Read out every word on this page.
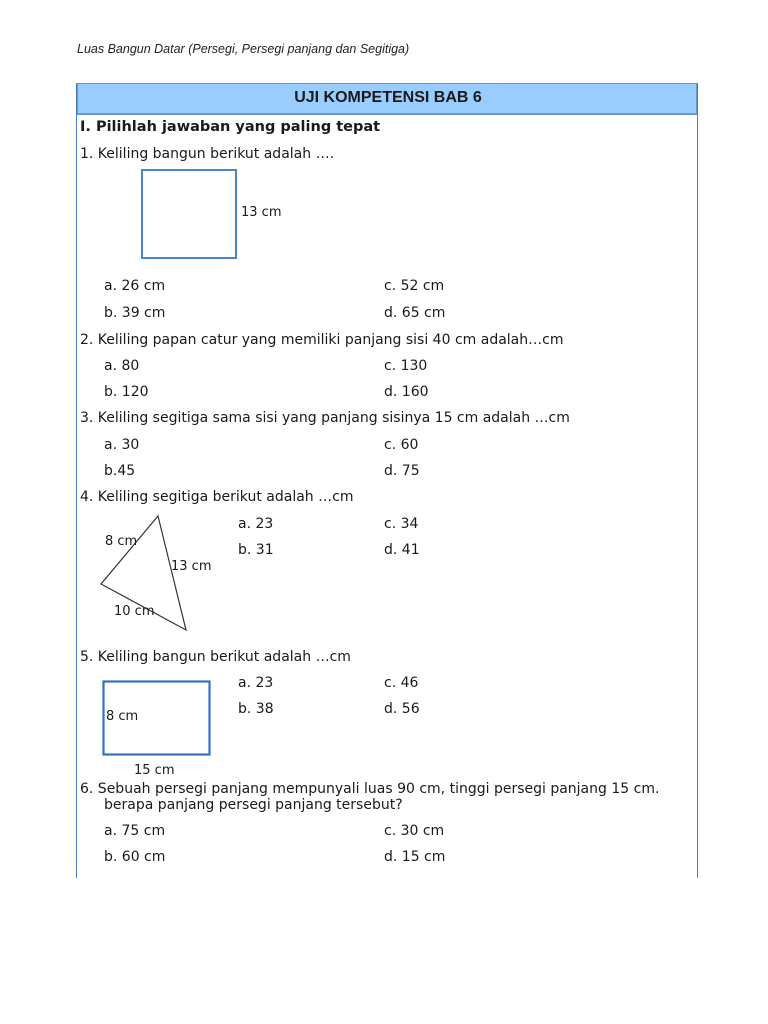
Luas Bangun Datar (Persegi, Persegi panjang dan Segitiga)
UJI KOMPETENSI BAB 6
I. Pilihlah jawaban yang paling tepat
1. Keliling bangun berikut adalah ….
13 cm
a. 26 cm	c. 52 cm
b. 39 cm	d. 65 cm
2. Keliling papan catur yang memiliki panjang sisi 40 cm adalah…cm
a. 80	c. 130
b. 120	d. 160
3. Keliling segitiga sama sisi yang panjang sisinya 15 cm adalah …cm
a. 30	c. 60
b.45	d. 75
4. Keliling segitiga berikut adalah …cm
8 cm
13 cm
10 cm
a. 23	c. 34
b. 31	d. 41
5. Keliling bangun berikut adalah …cm
8 cm
15 cm
a. 23	c. 46
b. 38	d. 56
6. Sebuah persegi panjang mempunyali luas 90 cm, tinggi persegi panjang 15 cm.
berapa panjang persegi panjang tersebut?
a. 75 cm	c. 30 cm
b. 60 cm	d. 15 cm
